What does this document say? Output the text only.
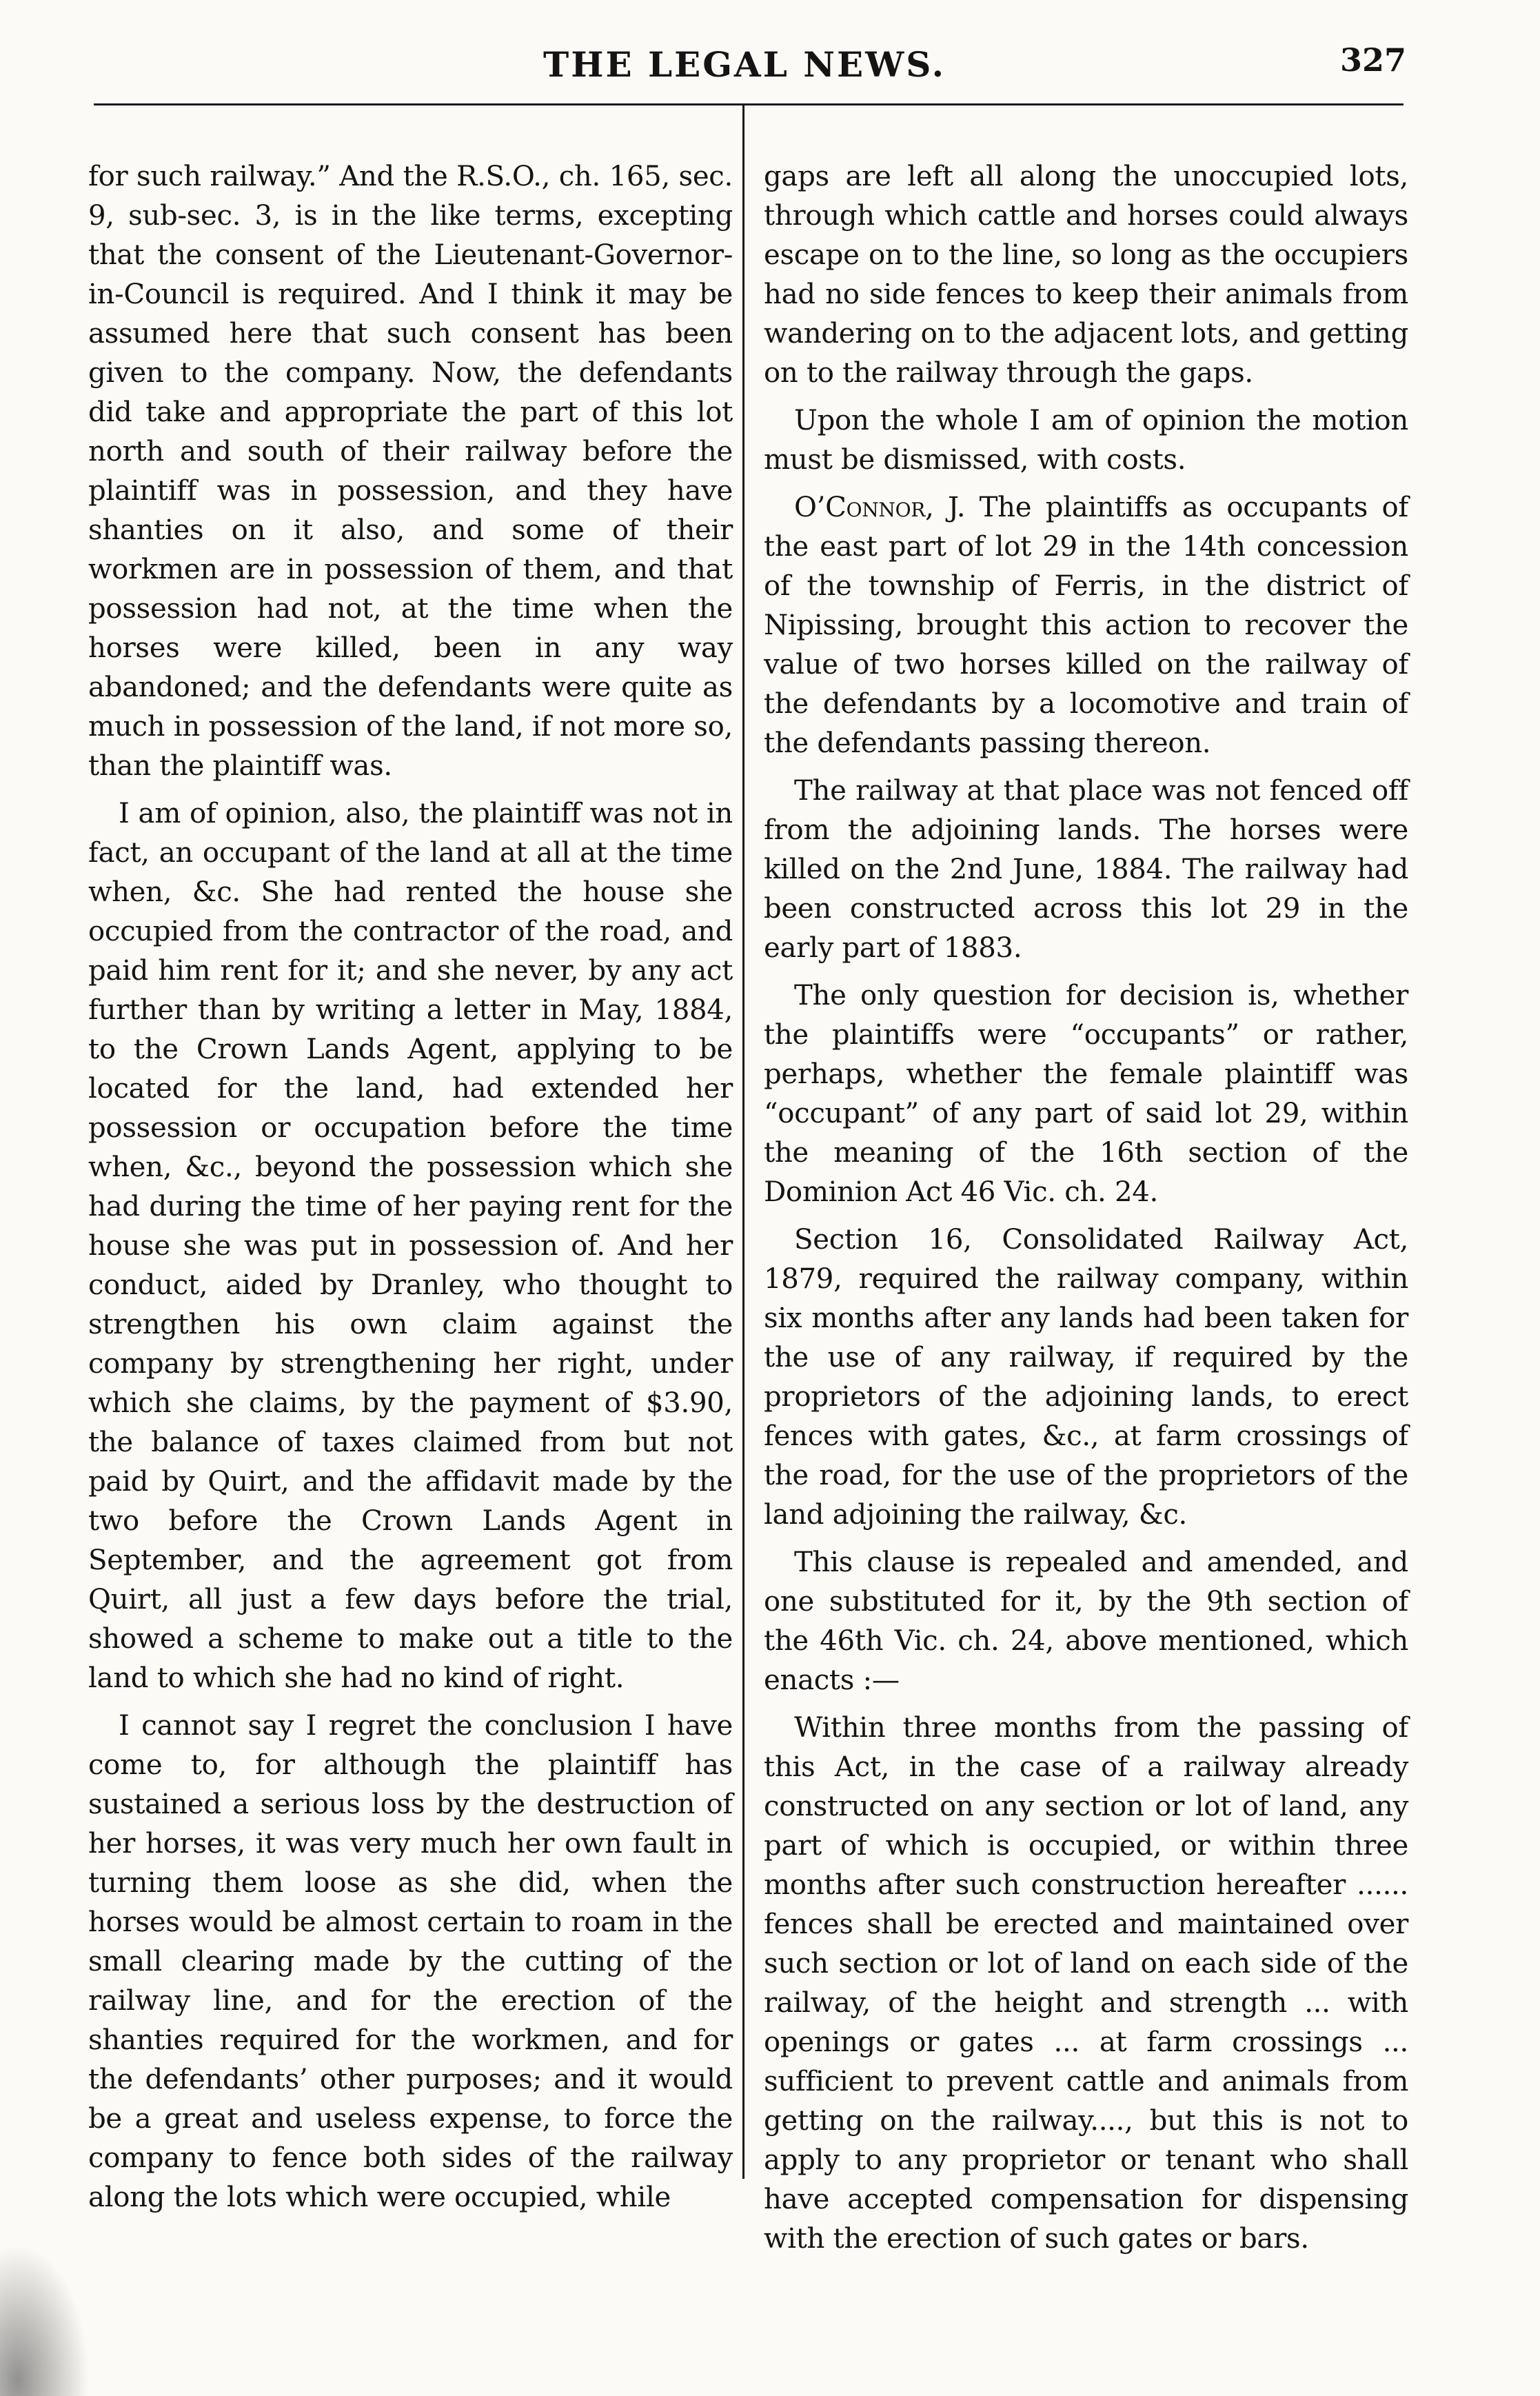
THE LEGAL NEWS.	327

for such railway.” And the R.S.O., ch. 165, sec. 9, sub-sec. 3, is in the like terms, excepting that the consent of the Lieutenant-Governor-in-Council is required. And I think it may be assumed here that such consent has been given to the company. Now, the defendants did take and appropriate the part of this lot north and south of their railway before the plaintiff was in possession, and they have shanties on it also, and some of their workmen are in possession of them, and that possession had not, at the time when the horses were killed, been in any way abandoned; and the defendants were quite as much in possession of the land, if not more so, than the plaintiff was.

I am of opinion, also, the plaintiff was not in fact, an occupant of the land at all at the time when, &c. She had rented the house she occupied from the contractor of the road, and paid him rent for it; and she never, by any act further than by writing a letter in May, 1884, to the Crown Lands Agent, applying to be located for the land, had extended her possession or occupation before the time when, &c., beyond the possession which she had during the time of her paying rent for the house she was put in possession of. And her conduct, aided by Dranley, who thought to strengthen his own claim against the company by strengthening her right, under which she claims, by the payment of $3.90, the balance of taxes claimed from but not paid by Quirt, and the affidavit made by the two before the Crown Lands Agent in September, and the agreement got from Quirt, all just a few days before the trial, showed a scheme to make out a title to the land to which she had no kind of right.

I cannot say I regret the conclusion I have come to, for although the plaintiff has sustained a serious loss by the destruction of her horses, it was very much her own fault in turning them loose as she did, when the horses would be almost certain to roam in the small clearing made by the cutting of the railway line, and for the erection of the shanties required for the workmen, and for the defendants’ other purposes; and it would be a great and useless expense, to force the company to fence both sides of the railway along the lots which were occupied, while

gaps are left all along the unoccupied lots, through which cattle and horses could always escape on to the line, so long as the occupiers had no side fences to keep their animals from wandering on to the adjacent lots, and getting on to the railway through the gaps.

Upon the whole I am of opinion the motion must be dismissed, with costs.

O’Connor, J. The plaintiffs as occupants of the east part of lot 29 in the 14th concession of the township of Ferris, in the district of Nipissing, brought this action to recover the value of two horses killed on the railway of the defendants by a locomotive and train of the defendants passing thereon.

The railway at that place was not fenced off from the adjoining lands. The horses were killed on the 2nd June, 1884. The railway had been constructed across this lot 29 in the early part of 1883.

The only question for decision is, whether the plaintiffs were “occupants” or rather, perhaps, whether the female plaintiff was “occupant” of any part of said lot 29, within the meaning of the 16th section of the Dominion Act 46 Vic. ch. 24.

Section 16, Consolidated Railway Act, 1879, required the railway company, within six months after any lands had been taken for the use of any railway, if required by the proprietors of the adjoining lands, to erect fences with gates, &c., at farm crossings of the road, for the use of the proprietors of the land adjoining the railway, &c.

This clause is repealed and amended, and one substituted for it, by the 9th section of the 46th Vic. ch. 24, above mentioned, which enacts :—

Within three months from the passing of this Act, in the case of a railway already constructed on any section or lot of land, any part of which is occupied, or within three months after such construction hereafter ...... fences shall be erected and maintained over such section or lot of land on each side of the railway, of the height and strength ... with openings or gates ... at farm crossings ... sufficient to prevent cattle and animals from getting on the railway...., but this is not to apply to any proprietor or tenant who shall have accepted compensation for dispensing with the erection of such gates or bars.
